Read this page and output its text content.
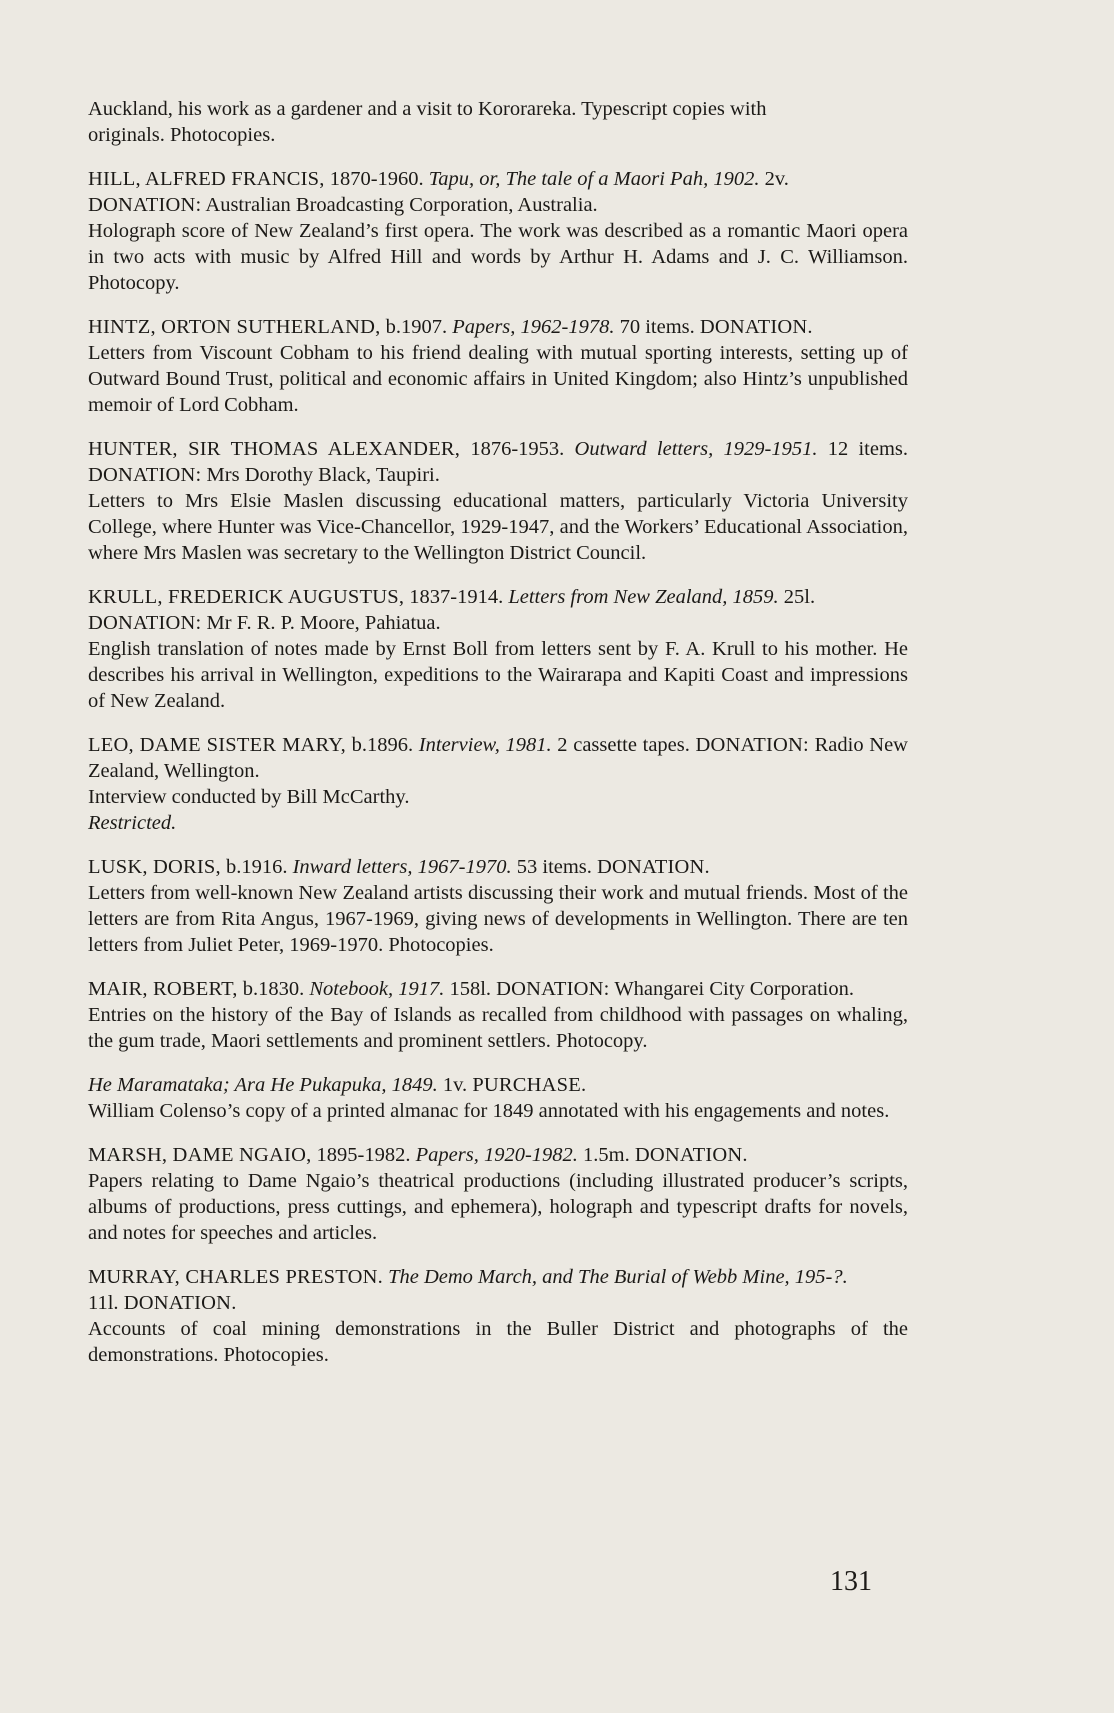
Auckland, his work as a gardener and a visit to Kororareka. Typescript copies with

originals. Photocopies.

HILL, ALFRED FRANCIS, 1870-1960. Tapu, or, The tale of a Maori Pah, 1902. 2v.
DONATION: Australian Broadcasting Corporation, Australia.

Holograph score of New Zealand’s first opera. The work was described as a romantic Maori opera in two acts with music by Alfred Hill and words by Arthur H. Adams and J. C. Williamson. Photocopy.

HINTZ, ORTON SUTHERLAND, b.1907. Papers, 1962-1978. 70 items. DONATION.

Letters from Viscount Cobham to his friend dealing with mutual sporting interests, setting up of Outward Bound Trust, political and economic affairs in United Kingdom; also Hintz’s unpublished memoir of Lord Cobham.

HUNTER, SIR THOMAS ALEXANDER, 1876-1953. Outward letters, 1929-1951. 12 items. DONATION: Mrs Dorothy Black, Taupiri.

Letters to Mrs Elsie Maslen discussing educational matters, particularly Victoria University College, where Hunter was Vice-Chancellor, 1929-1947, and the Workers’ Educational Association, where Mrs Maslen was secretary to the Wellington District Council.

KRULL, FREDERICK AUGUSTUS, 1837-1914. Letters from New Zealand, 1859. 25l.
DONATION: Mr F. R. P. Moore, Pahiatua.

English translation of notes made by Ernst Boll from letters sent by F. A. Krull to his mother. He describes his arrival in Wellington, expeditions to the Wairarapa and Kapiti Coast and impressions of New Zealand.

LEO, DAME SISTER MARY, b.1896. Interview, 1981. 2 cassette tapes. DONATION: Radio New Zealand, Wellington.

Interview conducted by Bill McCarthy.

Restricted.

LUSK, DORIS, b.1916. Inward letters, 1967-1970. 53 items. DONATION.

Letters from well-known New Zealand artists discussing their work and mutual friends. Most of the letters are from Rita Angus, 1967-1969, giving news of developments in Wellington. There are ten letters from Juliet Peter, 1969-1970. Photocopies.

MAIR, ROBERT, b.1830. Notebook, 1917. 158l. DONATION: Whangarei City Corporation.

Entries on the history of the Bay of Islands as recalled from childhood with passages on whaling, the gum trade, Maori settlements and prominent settlers. Photocopy.

He Maramataka; Ara He Pukapuka, 1849. 1v. PURCHASE.

William Colenso’s copy of a printed almanac for 1849 annotated with his engagements and notes.

MARSH, DAME NGAIO, 1895-1982. Papers, 1920-1982. 1.5m. DONATION.

Papers relating to Dame Ngaio’s theatrical productions (including illustrated producer’s scripts, albums of productions, press cuttings, and ephemera), holograph and typescript drafts for novels, and notes for speeches and articles.

MURRAY, CHARLES PRESTON. The Demo March, and The Burial of Webb Mine, 195-?.
11l. DONATION.

Accounts of coal mining demonstrations in the Buller District and photographs of the demonstrations. Photocopies.

131
